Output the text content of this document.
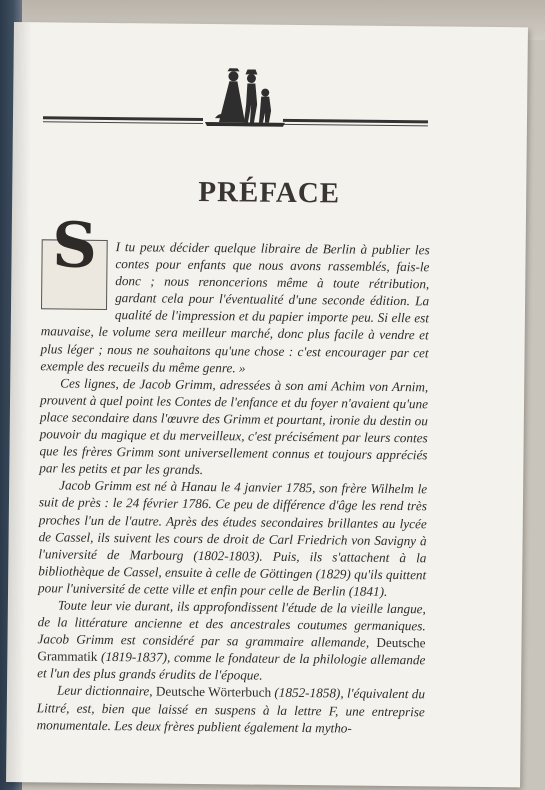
PRÉFACE

S	I tu peux décider quelque libraire de Berlin à publier les contes pour enfants que nous avons rassemblés, fais-le donc ; nous renoncerions même à toute rétribution, gardant cela pour l'éventualité d'une seconde édition. La qualité de l'impression et du papier importe peu. Si elle est mauvaise, le volume sera meilleur marché, donc plus facile à vendre et plus léger ; nous ne souhaitons qu'une chose : c'est encourager par cet exemple des recueils du même genre. »

Ces lignes, de Jacob Grimm, adressées à son ami Achim von Arnim, prouvent à quel point les Contes de l'enfance et du foyer n'avaient qu'une place secondaire dans l'œuvre des Grimm et pourtant, ironie du destin ou pouvoir du magique et du merveilleux, c'est précisément par leurs contes que les frères Grimm sont universellement connus et toujours appréciés par les petits et par les grands.

Jacob Grimm est né à Hanau le 4 janvier 1785, son frère Wilhelm le suit de près : le 24 février 1786. Ce peu de différence d'âge les rend très proches l'un de l'autre. Après des études secondaires brillantes au lycée de Cassel, ils suivent les cours de droit de Carl Friedrich von Savigny à l'université de Marbourg (1802-1803). Puis, ils s'attachent à la bibliothèque de Cassel, ensuite à celle de Göttingen (1829) qu'ils quittent pour l'université de cette ville et enfin pour celle de Berlin (1841).

Toute leur vie durant, ils approfondissent l'étude de la vieille langue, de la littérature ancienne et des ancestrales coutumes germaniques. Jacob Grimm est considéré par sa grammaire allemande, Deutsche Grammatik (1819-1837), comme le fondateur de la philologie allemande et l'un des plus grands érudits de l'époque.

Leur dictionnaire, Deutsche Wörterbuch (1852-1858), l'équivalent du Littré, est, bien que laissé en suspens à la lettre F, une entreprise monumentale. Les deux frères publient également la mytho-
